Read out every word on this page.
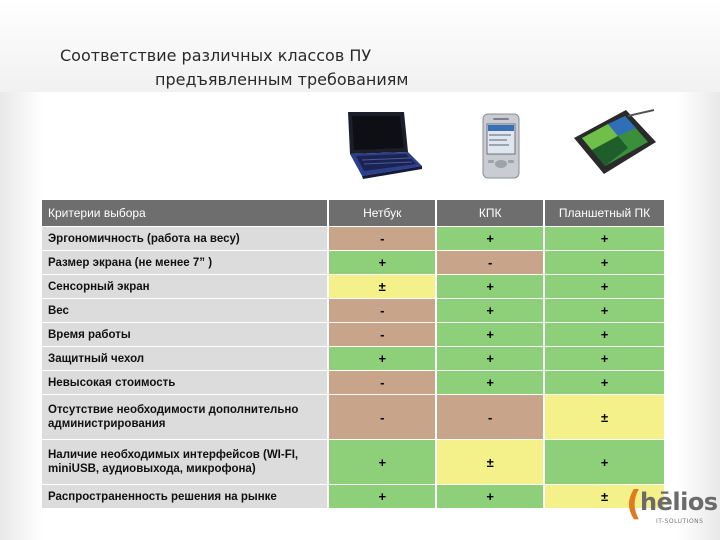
Соответствие различных классов ПУ
предъявленным требованиям
Критерии выбора	Нетбук	КПК	Планшетный ПК
Эргономичность (работа на весу)	-	+	+
Размер экрана (не менее 7” )	+	-	+
Сенсорный экран	±	+	+
Вес	-	+	+
Время работы	-	+	+
Защитный чехол	+	+	+
Невысокая стоимость	-	+	+
Отсутствие необходимости дополнительно администрирования	-	-	±
Наличие необходимых интерфейсов (WI-FI, miniUSB, аудиовыхода, микрофона)	+	±	+
Распространенность решения на рынке	+	+	± (
hēlios
IT-SOLUTIONS
